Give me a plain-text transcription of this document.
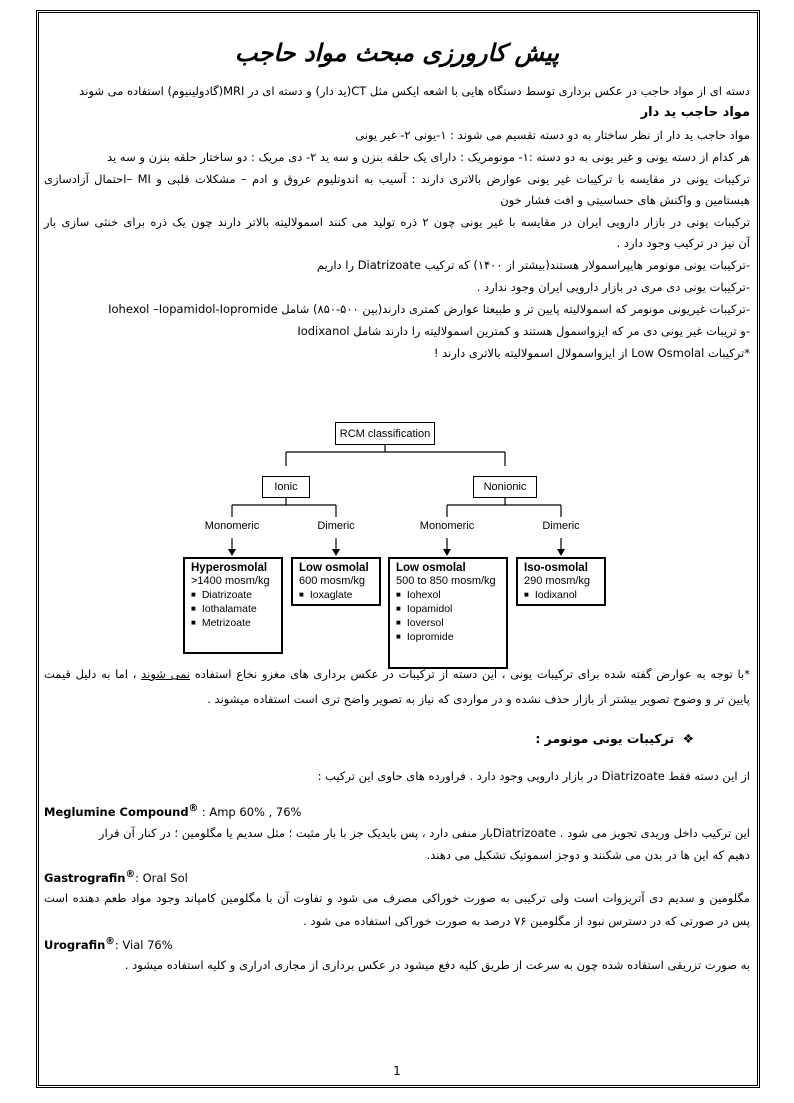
پیش کارورزی مبحث مواد حاجب
دسته ای از مواد حاجب در عکس برداری توسط دستگاه هایی با اشعه ایکس مثل CT(ید دار) و دسته ای در MRI(گادولینیوم) استفاده می شوند
مواد حاجب ید دار
مواد حاجب ید دار از نظر ساختار به دو دسته تقسیم می شوند : ۱-یونی ۲- غیر یونی
هر کدام از دسته یونی و غیر یونی به دو دسته :۱- مونومریک : دارای یک حلقه بنزن و سه ید ۲- دی مریک : دو ساختار حلقه بنزن و سه ید
ترکیبات یونی در مقایسه با ترکیبات غیر یونی عوارض بالاتری دارند : آسیب به اندوتلیوم عروق و ادم – مشکلات قلبی و MI –احتمال آزادسازی
هیستامین و واکنش های حساسیتی و افت فشار خون
ترکیبات یونی در بازار دارویی ایران در مقایسه با غیر یونی چون ۲ ذره تولید می کنند اسمولالیته بالاتر دارند چون یک ذره برای خنثی سازی بار
آن نیز در ترکیب وجود دارد .
-ترکیبات یونی مونومر هایپراسمولار هستند(بیشتر از ۱۴۰۰) که ترکیب Diatrizoate را داریم
-ترکیبات یونی دی مری در بازار دارویی ایران وجود ندارد .
-ترکیبات غیریونی مونومر که اسمولالیته پایین تر و طبیعتا عوارض کمتری دارند(بین ۵۰۰-۸۵۰) شامل Iohexol –Iopamidol-Iopromide
-و تریبات غیر یونی دی مر که ایزواسمول هستند و کمترین اسمولالیته را دارند شامل Iodixanol
*ترکیبات Low Osmolal از ایزواسمولال اسمولالیته بالاتری دارند !
RCM classification
Ionic	Nonionic
Monomeric	Dimeric	Monomeric	Dimeric
Hyperosmolal
>1400 mosm/kg
■ Diatrizoate
■ Iothalamate
■ Metrizoate
Low osmolal
600 mosm/kg
■ Ioxaglate
Low osmolal
500 to 850 mosm/kg
■ Iohexol
■ Iopamidol
■ Ioversol
■ Iopromide
Iso-osmolal
290 mosm/kg
■ Iodixanol
*با توجه به عوارض گفته شده برای ترکیبات یونی ، این دسته از ترکیبات در عکس برداری های مغزو نخاع استفاده نمی شوند ، اما به دلیل قیمت
پایین تر و وضوح تصویر بیشتر از بازار حذف نشده و در مواردی که نیاز به تصویر واضح تری است استفاده میشوند .
❖  ترکیبات یونی مونومر :
از این دسته فقط Diatrizoate در بازار دارویی وجود دارد . فراورده های حاوی این ترکیب :
Meglumine Compound® : Amp 60% , 76%
این ترکیب داخل وریدی تجویز می شود . Diatrizoateبار منفی دارد ، پس بایدیک جز با بار مثبت ؛ مثل سدیم یا مگلومین ؛ در کنار آن قرار
دهیم که این ها در بدن می شکنند و دوجز اسموتیک تشکیل می دهند.
Gastrografin®: Oral Sol
مگلومین و سدیم دی آتریزوات است ولی ترکیبی به صورت خوراکی مصرف می شود و تفاوت آن با مگلومین کامپاند وجود مواد طعم دهنده است
پس در صورتی که در دسترس نبود از مگلومین ۷۶ درصد به صورت خوراکی استفاده می شود .
Urografin®: Vial 76%
به صورت تزریقی استفاده شده چون به سرعت از طریق کلیه دفع میشود در عکس برداری از مجاری ادراری و کلیه استفاده میشود .
1
